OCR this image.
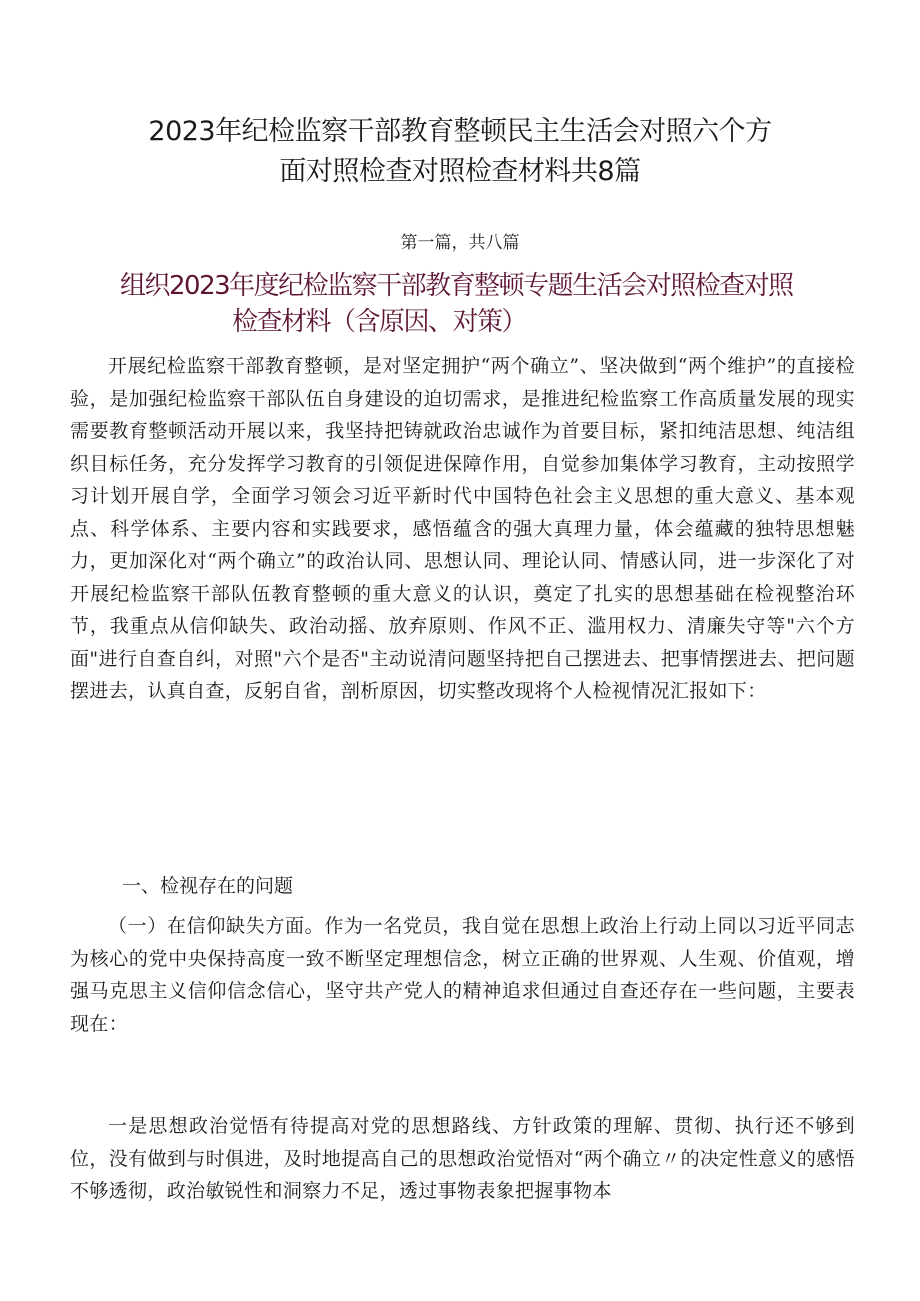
2023年纪检监察干部教育整顿民主生活会对照六个方
面对照检查对照检查材料共8篇
第一篇，共八篇
组织2023年度纪检监察干部教育整顿专题生活会对照检查对照
检查材料（含原因、对策）

开展纪检监察干部教育整顿，是对坚定拥护“两个确立”、坚决做到“两个维护”的直接检验，是加强纪检监察干部队伍自身建设的迫切需求，是推进纪检监察工作高质量发展的现实需要教育整顿活动开展以来，我坚持把铸就政治忠诚作为首要目标，紧扣纯洁思想、纯洁组织目标任务，充分发挥学习教育的引领促进保障作用，自觉参加集体学习教育，主动按照学习计划开展自学，全面学习领会习近平新时代中国特色社会主义思想的重大意义、基本观点、科学体系、主要内容和实践要求，感悟蕴含的强大真理力量，体会蕴藏的独特思想魅力，更加深化对“两个确立”的政治认同、思想认同、理论认同、情感认同，进一步深化了对开展纪检监察干部队伍教育整顿的重大意义的认识，奠定了扎实的思想基础在检视整治环节，我重点从信仰缺失、政治动摇、放弃原则、作风不正、滥用权力、清廉失守等"六个方面"进行自查自纠，对照"六个是否"主动说清问题坚持把自己摆进去、把事情摆进去、把问题摆进去，认真自查，反躬自省，剖析原因，切实整改现将个人检视情况汇报如下：

一、检视存在的问题

（一）在信仰缺失方面。作为一名党员，我自觉在思想上政治上行动上同以习近平同志为核心的党中央保持高度一致不断坚定理想信念，树立正确的世界观、人生观、价值观，增强马克思主义信仰信念信心，坚守共产党人的精神追求但通过自查还存在一些问题，主要表现在：

一是思想政治觉悟有待提高对党的思想路线、方针政策的理解、贯彻、执行还不够到位，没有做到与时俱进，及时地提高自己的思想政治觉悟对“两个确立〃的决定性意义的感悟不够透彻，政治敏锐性和洞察力不足，透过事物表象把握事物本
